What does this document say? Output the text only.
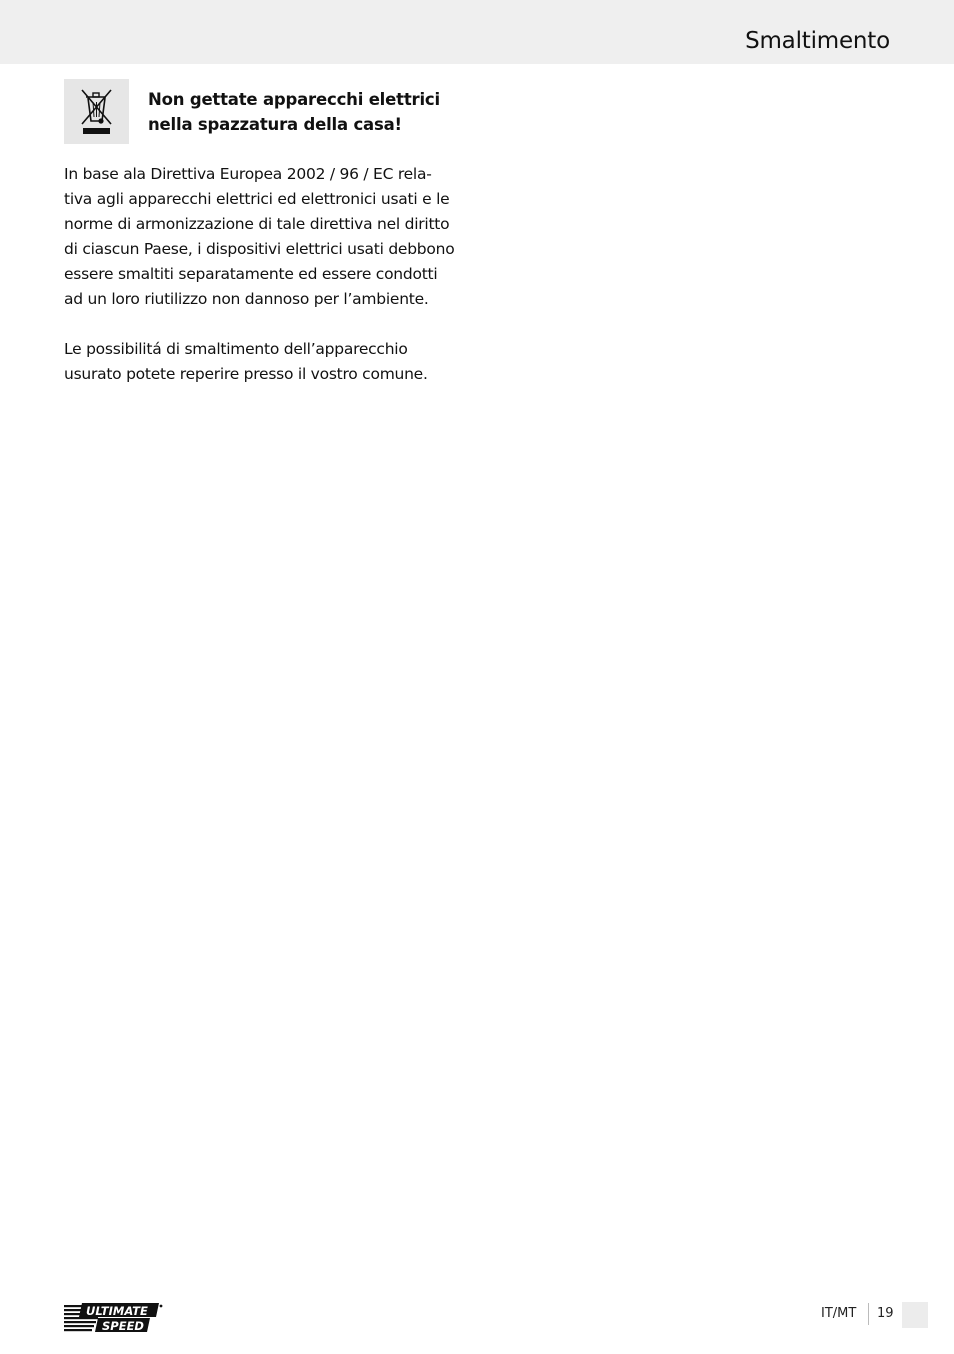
Smaltimento
Non gettate apparecchi elettrici
nella spazzatura della casa!
In base ala Direttiva Europea 2002 / 96 / EC rela-
tiva agli apparecchi elettrici ed elettronici usati e le
norme di armonizzazione di tale direttiva nel diritto
di ciascun Paese, i dispositivi elettrici usati debbono
essere smaltiti separatamente ed essere condotti
ad un loro riutilizzo non dannoso per l’ambiente.
Le possibilitá di smaltimento dell’apparecchio
usurato potete reperire presso il vostro comune.
ULTIMATE
SPEED
IT/MT 19
